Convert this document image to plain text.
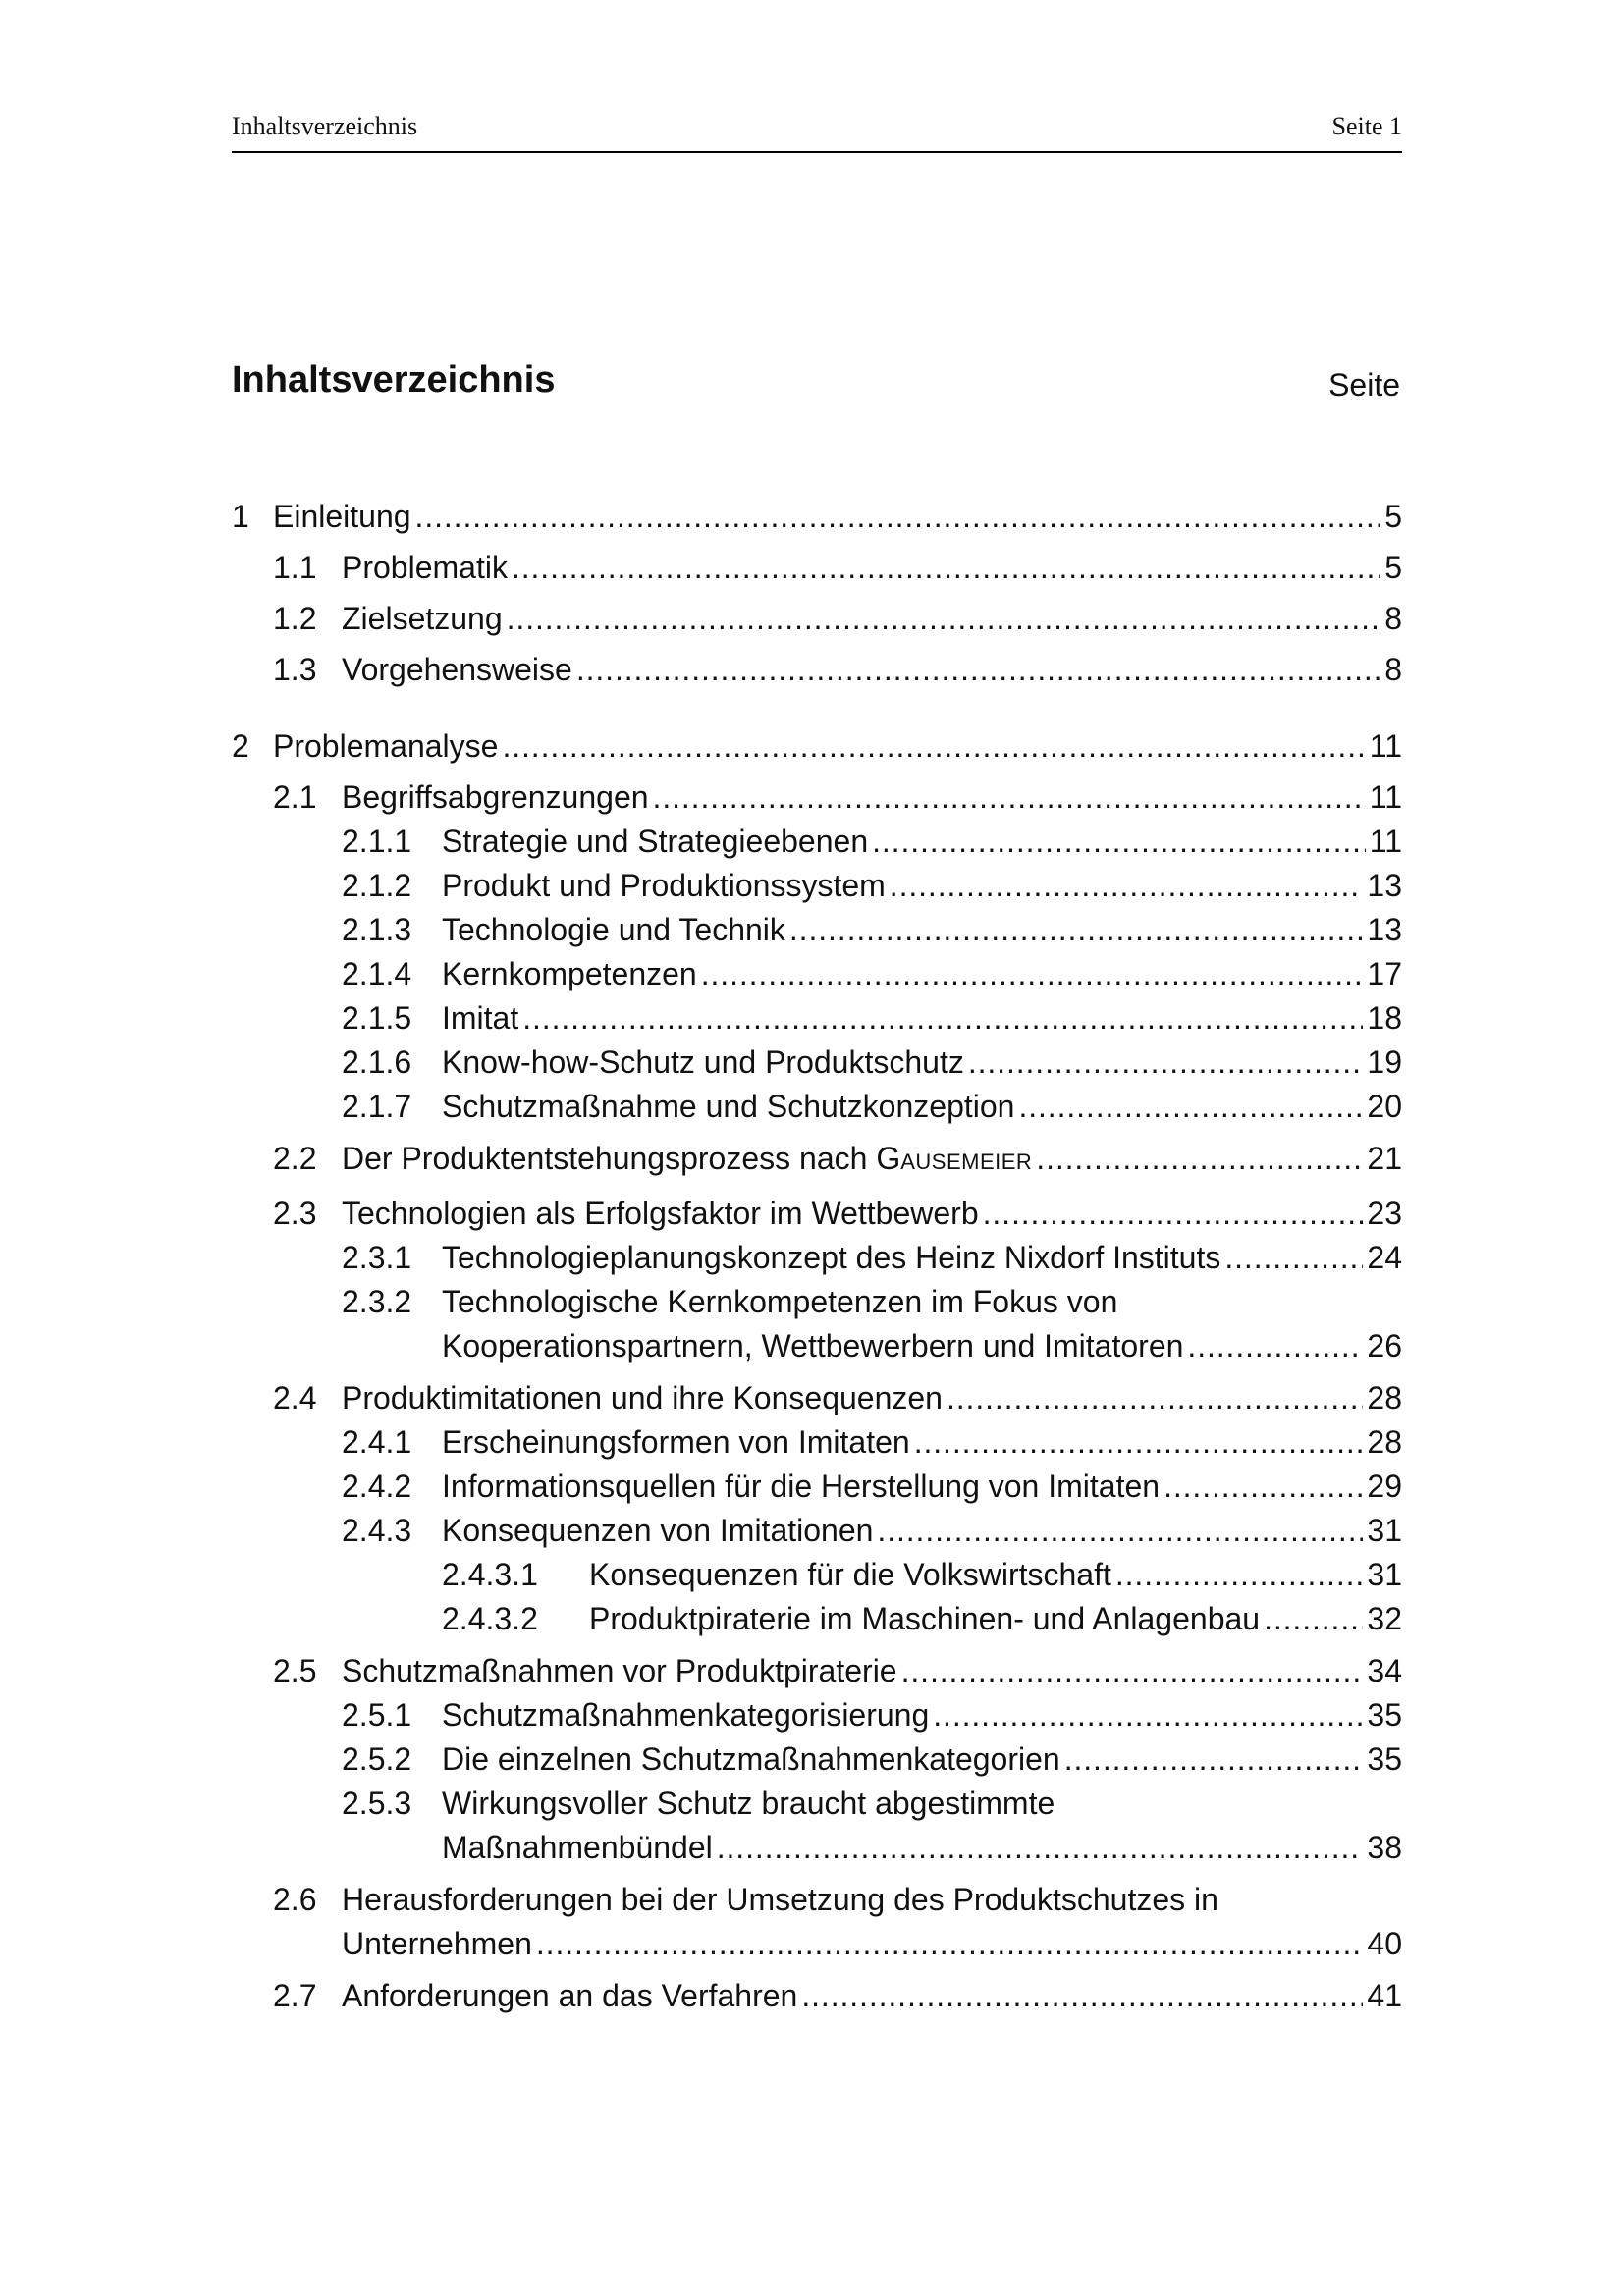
Inhaltsverzeichnis	Seite 1
Inhaltsverzeichnis	Seite
1 Einleitung . . .	5
1.1 Problematik . . .	5
1.2 Zielsetzung . . .	8
1.3 Vorgehensweise . . .	8
2 Problemanalyse . . .	11
2.1 Begriffsabgrenzungen . . .	11
2.1.1 Strategie und Strategieebenen . . .	11
2.1.2 Produkt und Produktionssystem . . .	13
2.1.3 Technologie und Technik . . .	13
2.1.4 Kernkompetenzen . . .	17
2.1.5 Imitat . . .	18
2.1.6 Know-how-Schutz und Produktschutz . . .	19
2.1.7 Schutzmaßnahme und Schutzkonzeption . . .	20
2.2 Der Produktentstehungsprozess nach GAUSEMEIER . . .	21
2.3 Technologien als Erfolgsfaktor im Wettbewerb . . .	23
2.3.1 Technologieplanungskonzept des Heinz Nixdorf Instituts . . .	24
2.3.2 Technologische Kernkompetenzen im Fokus von
Kooperationspartnern, Wettbewerbern und Imitatoren . . .	26
2.4 Produktimitationen und ihre Konsequenzen . . .	28
2.4.1 Erscheinungsformen von Imitaten . . .	28
2.4.2 Informationsquellen für die Herstellung von Imitaten . . .	29
2.4.3 Konsequenzen von Imitationen . . .	31
2.4.3.1	Konsequenzen für die Volkswirtschaft . . .	31
2.4.3.2	Produktpiraterie im Maschinen- und Anlagenbau . . .	32
2.5 Schutzmaßnahmen vor Produktpiraterie . . .	34
2.5.1 Schutzmaßnahmenkategorisierung . . .	35
2.5.2 Die einzelnen Schutzmaßnahmenkategorien . . .	35
2.5.3 Wirkungsvoller Schutz braucht abgestimmte
Maßnahmenbündel . . .	38
2.6 Herausforderungen bei der Umsetzung des Produktschutzes in
Unternehmen . . .	40
2.7 Anforderungen an das Verfahren . . .	41
